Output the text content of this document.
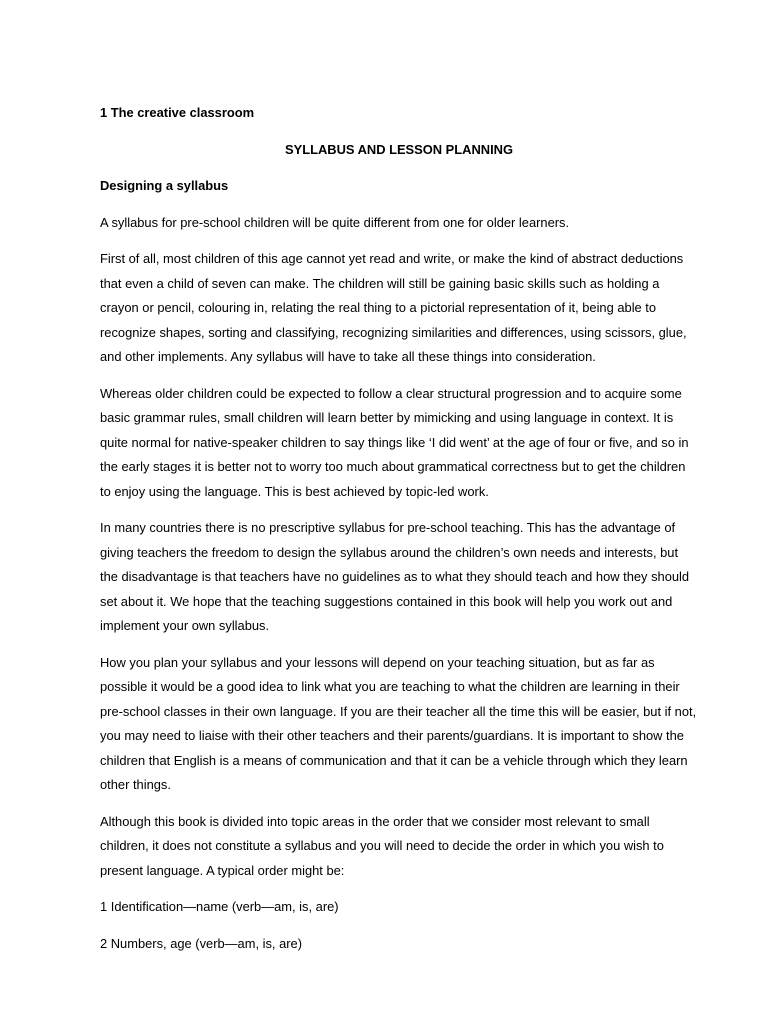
1 The creative classroom
SYLLABUS AND LESSON PLANNING
Designing a syllabus

A syllabus for pre-school children will be quite different from one for older learners.

First of all, most children of this age cannot yet read and write, or make the kind of abstract deductions that even a child of seven can make. The children will still be gaining basic skills such as holding a crayon or pencil, colouring in, relating the real thing to a pictorial representation of it, being able to recognize shapes, sorting and classifying, recognizing similarities and differences, using scissors, glue, and other implements. Any syllabus will have to take all these things into consideration.

Whereas older children could be expected to follow a clear structural progression and to acquire some basic grammar rules, small children will learn better by mimicking and using language in context. It is quite normal for native-speaker children to say things like ‘I did went’ at the age of four or five, and so in the early stages it is better not to worry too much about grammatical correctness but to get the children to enjoy using the language. This is best achieved by topic-led work.

In many countries there is no prescriptive syllabus for pre-school teaching. This has the advantage of giving teachers the freedom to design the syllabus around the children’s own needs and interests, but the disadvantage is that teachers have no guidelines as to what they should teach and how they should set about it. We hope that the teaching suggestions contained in this book will help you work out and implement your own syllabus.

How you plan your syllabus and your lessons will depend on your teaching situation, but as far as possible it would be a good idea to link what you are teaching to what the children are learning in their pre-school classes in their own language. If you are their teacher all the time this will be easier, but if not, you may need to liaise with their other teachers and their parents/guardians. It is important to show the children that English is a means of communication and that it can be a vehicle through which they learn other things.

Although this book is divided into topic areas in the order that we consider most relevant to small children, it does not constitute a syllabus and you will need to decide the order in which you wish to present language. A typical order might be:

1 Identification—name (verb—am, is, are)

2 Numbers, age (verb—am, is, are)
